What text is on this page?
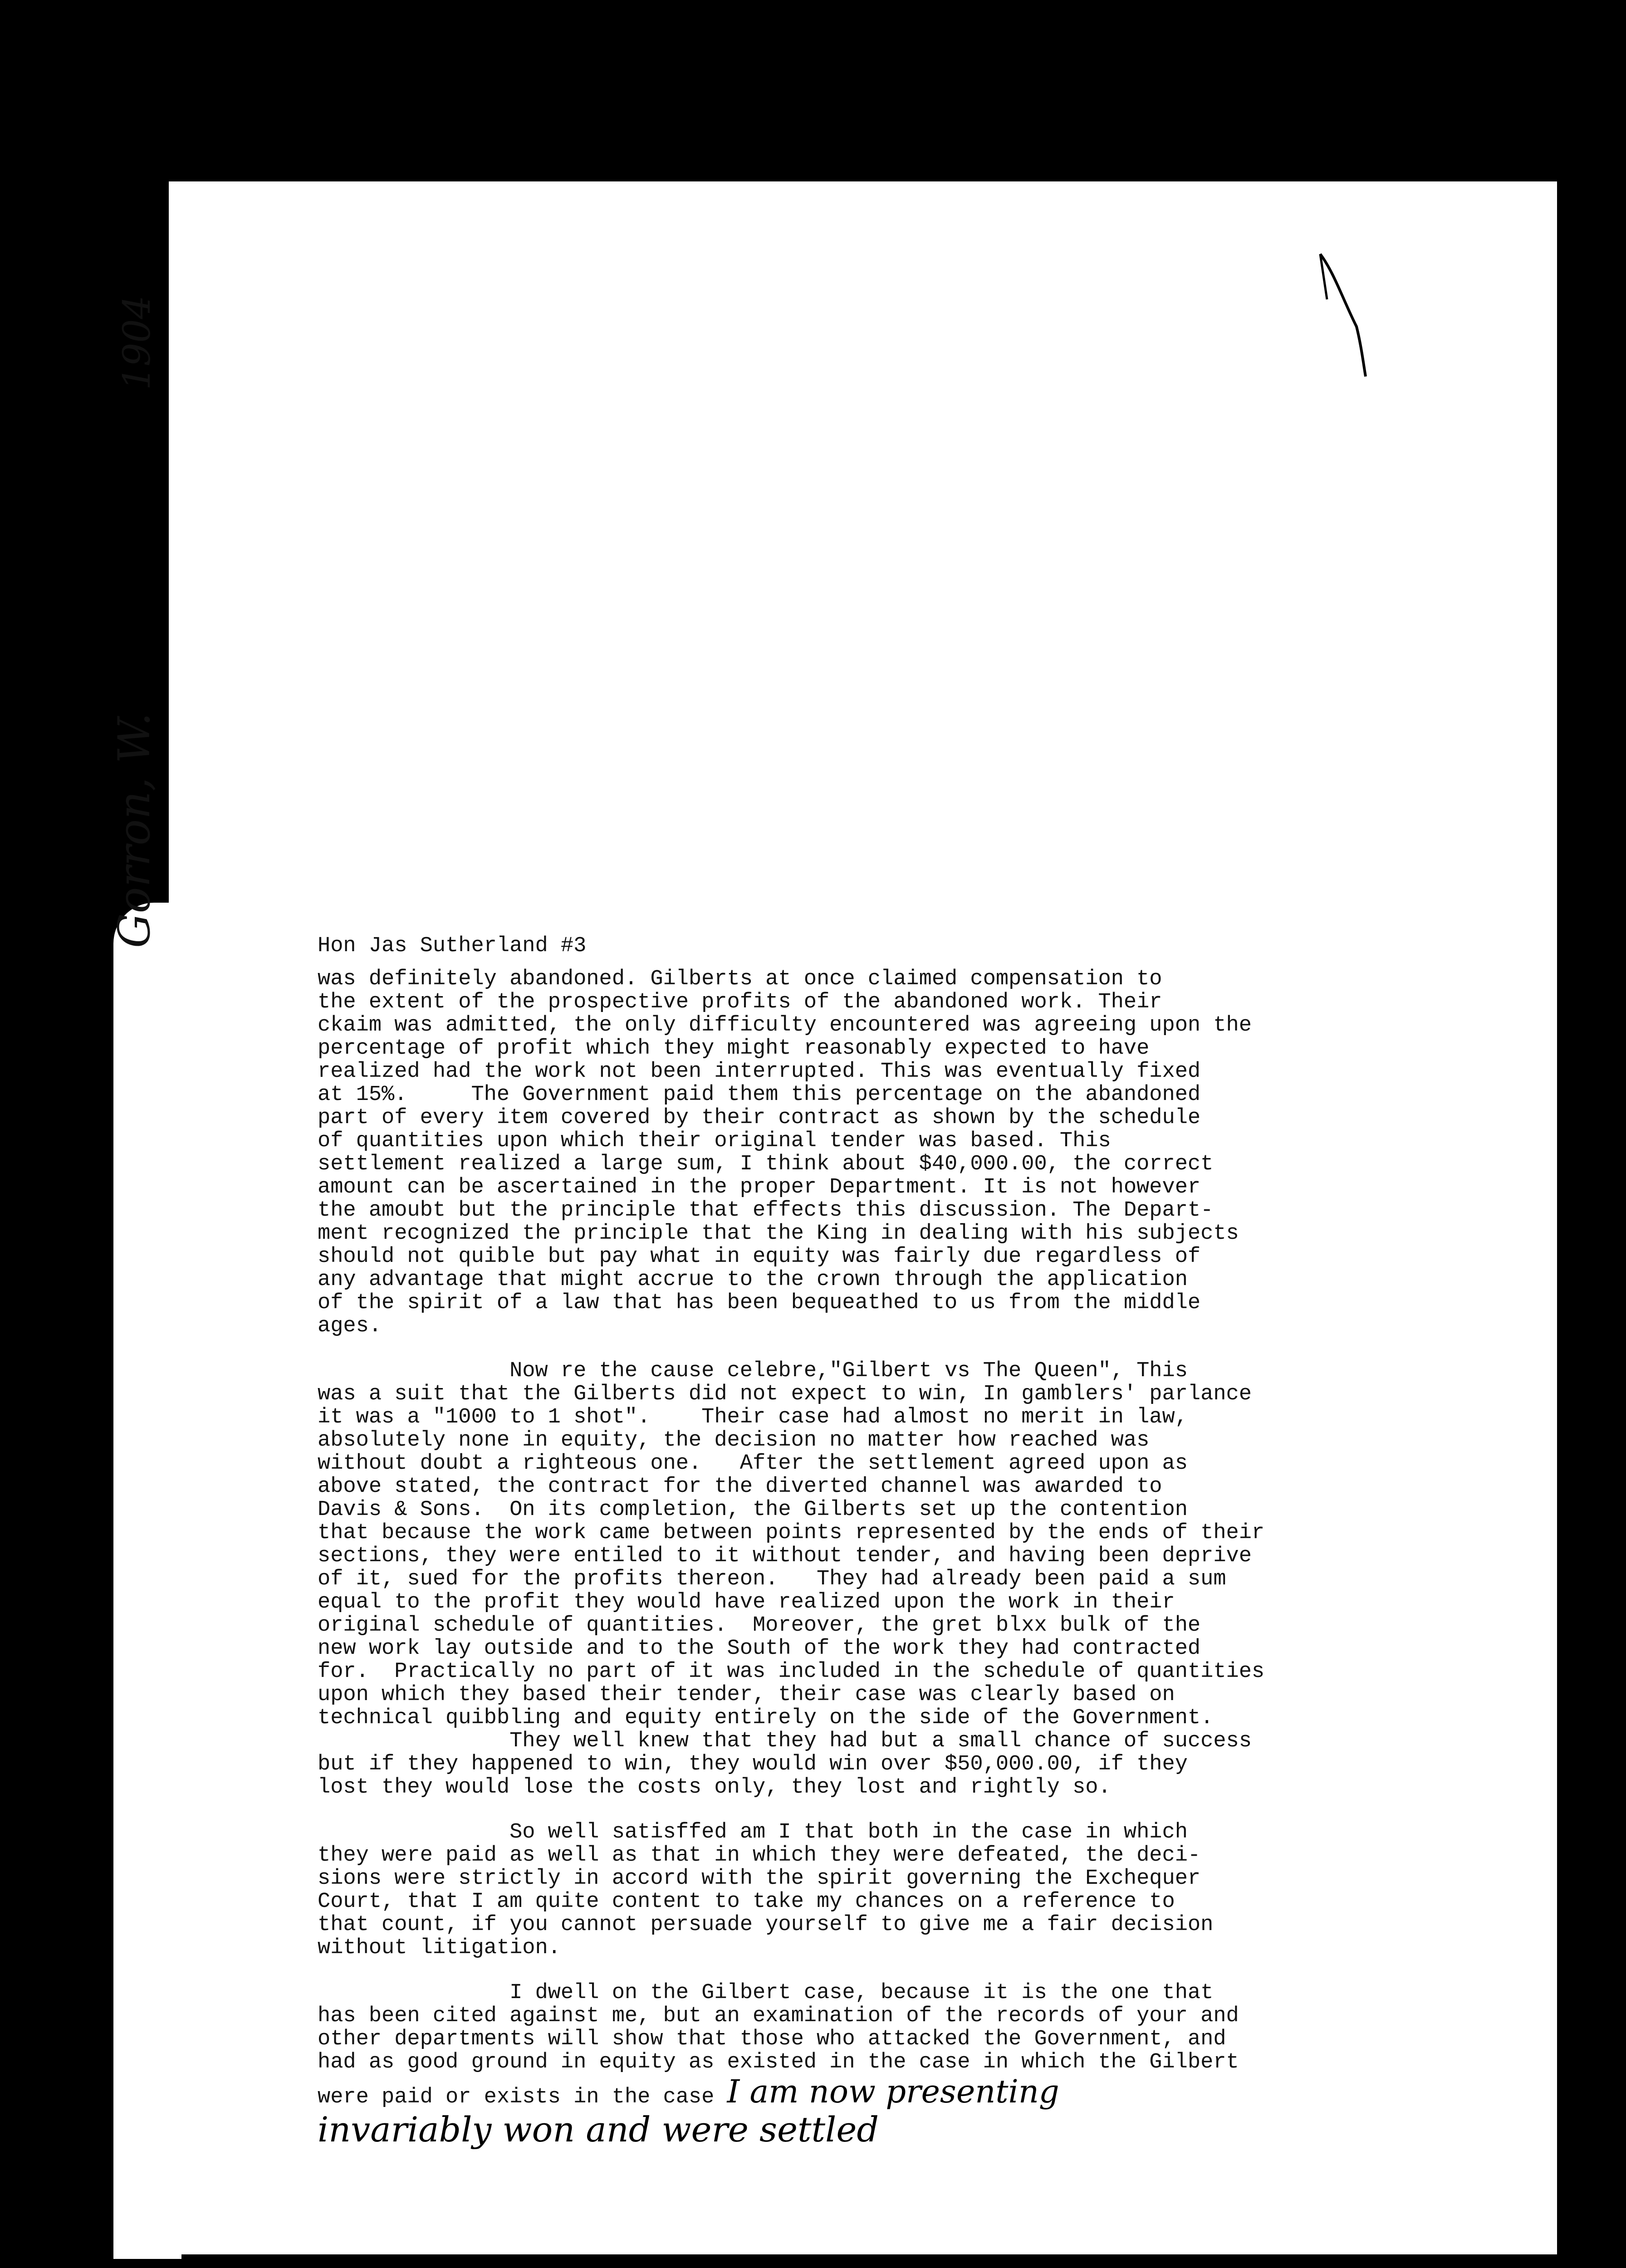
1904
Gorron, W.	Hon Jas Sutherland #3
was definitely abandoned. Gilberts at once claimed compensation to
the extent of the prospective profits of the abandoned work. Their
ckaim was admitted, the only difficulty encountered was agreeing upon the
percentage of profit which they might reasonably expected to have
realized had the work not been interrupted. This was eventually fixed
at 15%.     The Government paid them this percentage on the abandoned
part of every item covered by their contract as shown by the schedule
of quantities upon which their original tender was based. This
settlement realized a large sum, I think about $40,000.00, the correct
amount can be ascertained in the proper Department. It is not however
the amoubt but the principle that effects this discussion. The Depart-
ment recognized the principle that the King in dealing with his subjects
should not quible but pay what in equity was fairly due regardless of
any advantage that might accrue to the crown through the application
of the spirit of a law that has been bequeathed to us from the middle
ages.
Now re the cause celebre,"Gilbert vs The Queen", This
was a suit that the Gilberts did not expect to win, In gamblers' parlance
it was a "1000 to 1 shot".    Their case had almost no merit in law,
absolutely none in equity, the decision no matter how reached was
without doubt a righteous one.   After the settlement agreed upon as
above stated, the contract for the diverted channel was awarded to
Davis & Sons.  On its completion, the Gilberts set up the contention
that because the work came between points represented by the ends of their
sections, they were entiled to it without tender, and having been deprive
of it, sued for the profits thereon.   They had already been paid a sum
equal to the profit they would have realized upon the work in their
original schedule of quantities.  Moreover, the gret blxx bulk of the
new work lay outside and to the South of the work they had contracted
for.  Practically no part of it was included in the schedule of quantities
upon which they based their tender, their case was clearly based on
technical quibbling and equity entirely on the side of the Government.
They well knew that they had but a small chance of success
but if they happened to win, they would win over $50,000.00, if they
lost they would lose the costs only, they lost and rightly so.
So well satisffed am I that both in the case in which
they were paid as well as that in which they were defeated, the deci-
sions were strictly in accord with the spirit governing the Exchequer
Court, that I am quite content to take my chances on a reference to
that count, if you cannot persuade yourself to give me a fair decision
without litigation.
I dwell on the Gilbert case, because it is the one that
has been cited against me, but an examination of the records of your and
other departments will show that those who attacked the Government, and
had as good ground in equity as existed in the case in which the Gilbert
were paid or exists in the case I am now presenting
invariably won and were settled
